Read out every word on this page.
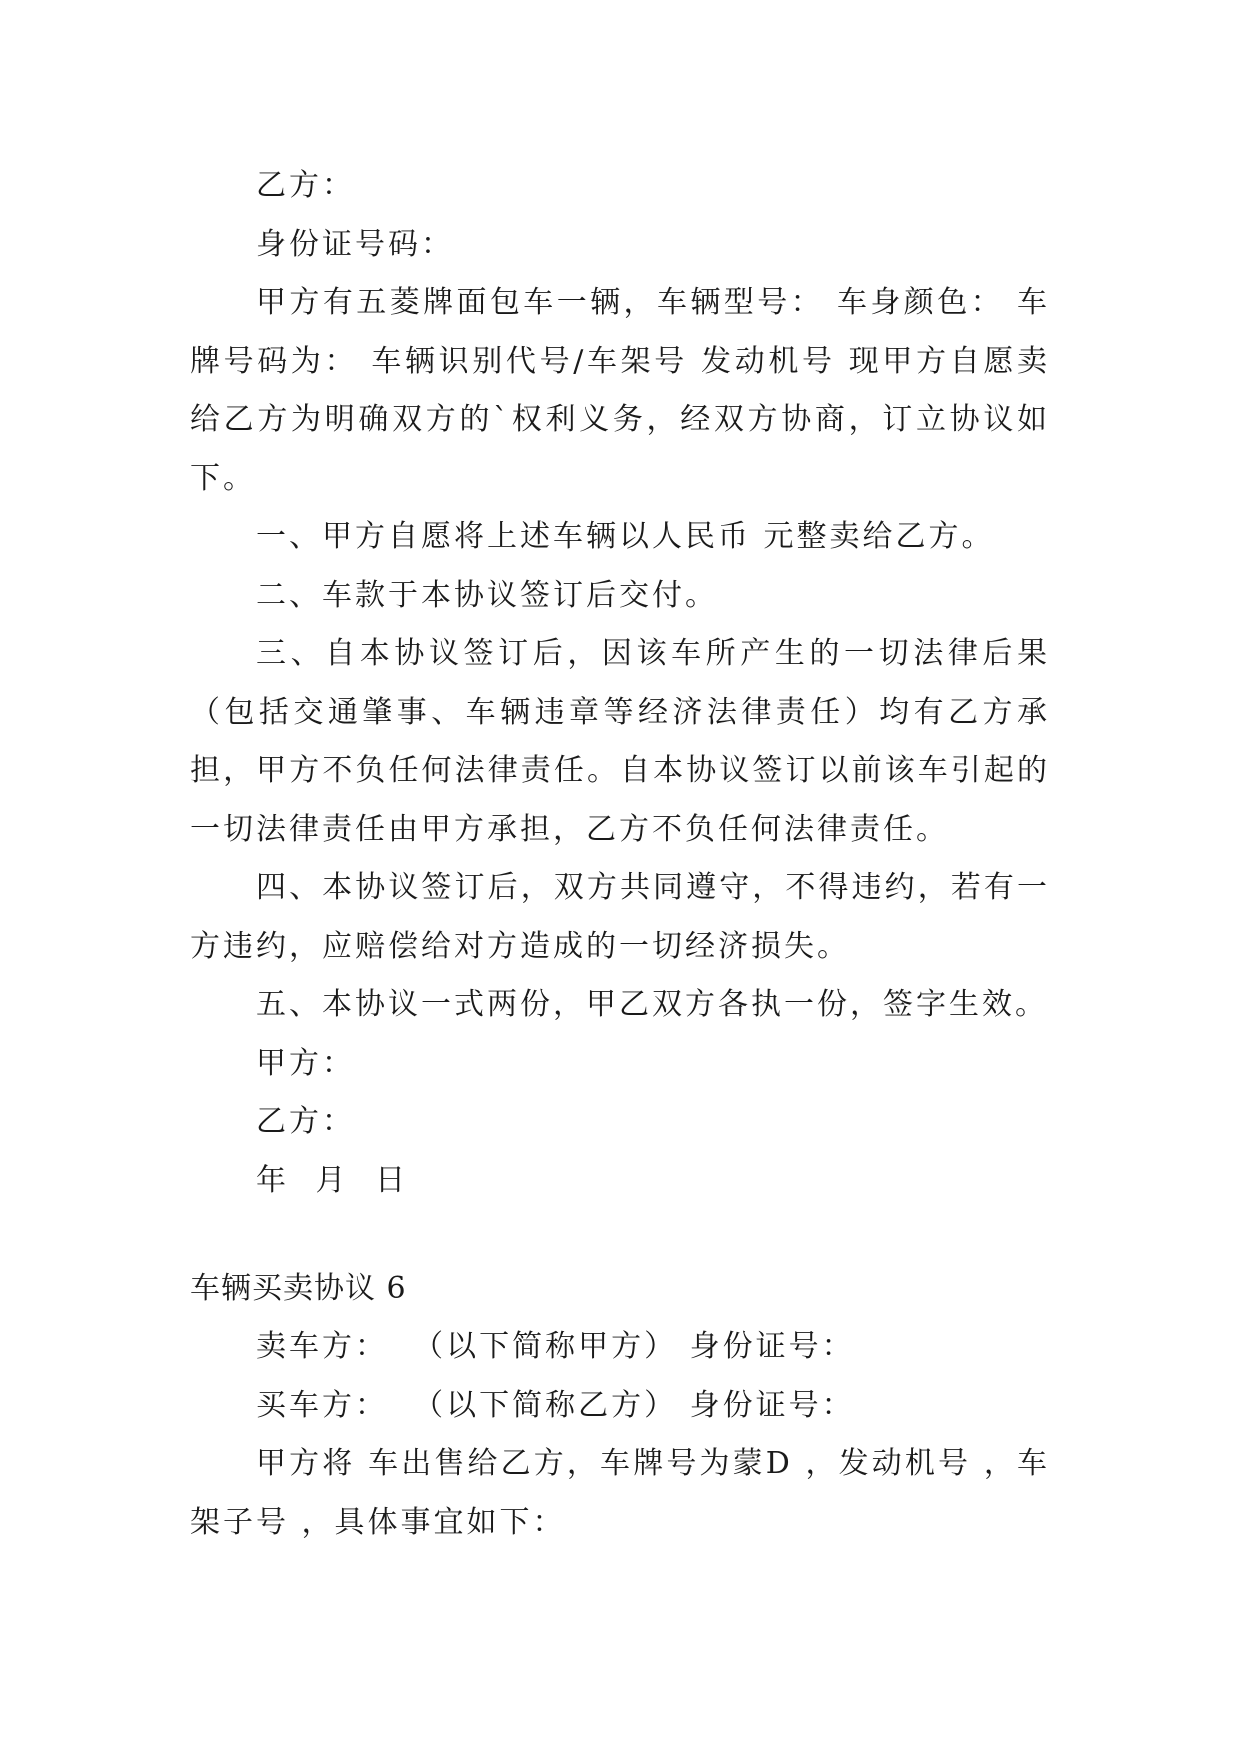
乙方：

身份证号码：

甲方有五菱牌面包车一辆，车辆型号： 车身颜色： 车牌号码为： 车辆识别代号/车架号 发动机号 现甲方自愿卖给乙方为明确双方的`权利义务，经双方协商，订立协议如下。

一、甲方自愿将上述车辆以人民币 元整卖给乙方。

二、车款于本协议签订后交付。

三、自本协议签订后，因该车所产生的一切法律后果（包括交通肇事、车辆违章等经济法律责任）均有乙方承担，甲方不负任何法律责任。自本协议签订以前该车引起的一切法律责任由甲方承担，乙方不负任何法律责任。

四、本协议签订后，双方共同遵守，不得违约，若有一方违约，应赔偿给对方造成的一切经济损失。

五、本协议一式两份，甲乙双方各执一份，签字生效。

甲方：

乙方：

年 月 日

车辆买卖协议 6

卖车方：  （以下简称甲方） 身份证号：

买车方：  （以下简称乙方） 身份证号：

甲方将 车出售给乙方，车牌号为蒙D ，发动机号 ，车架子号 ，具体事宜如下：
